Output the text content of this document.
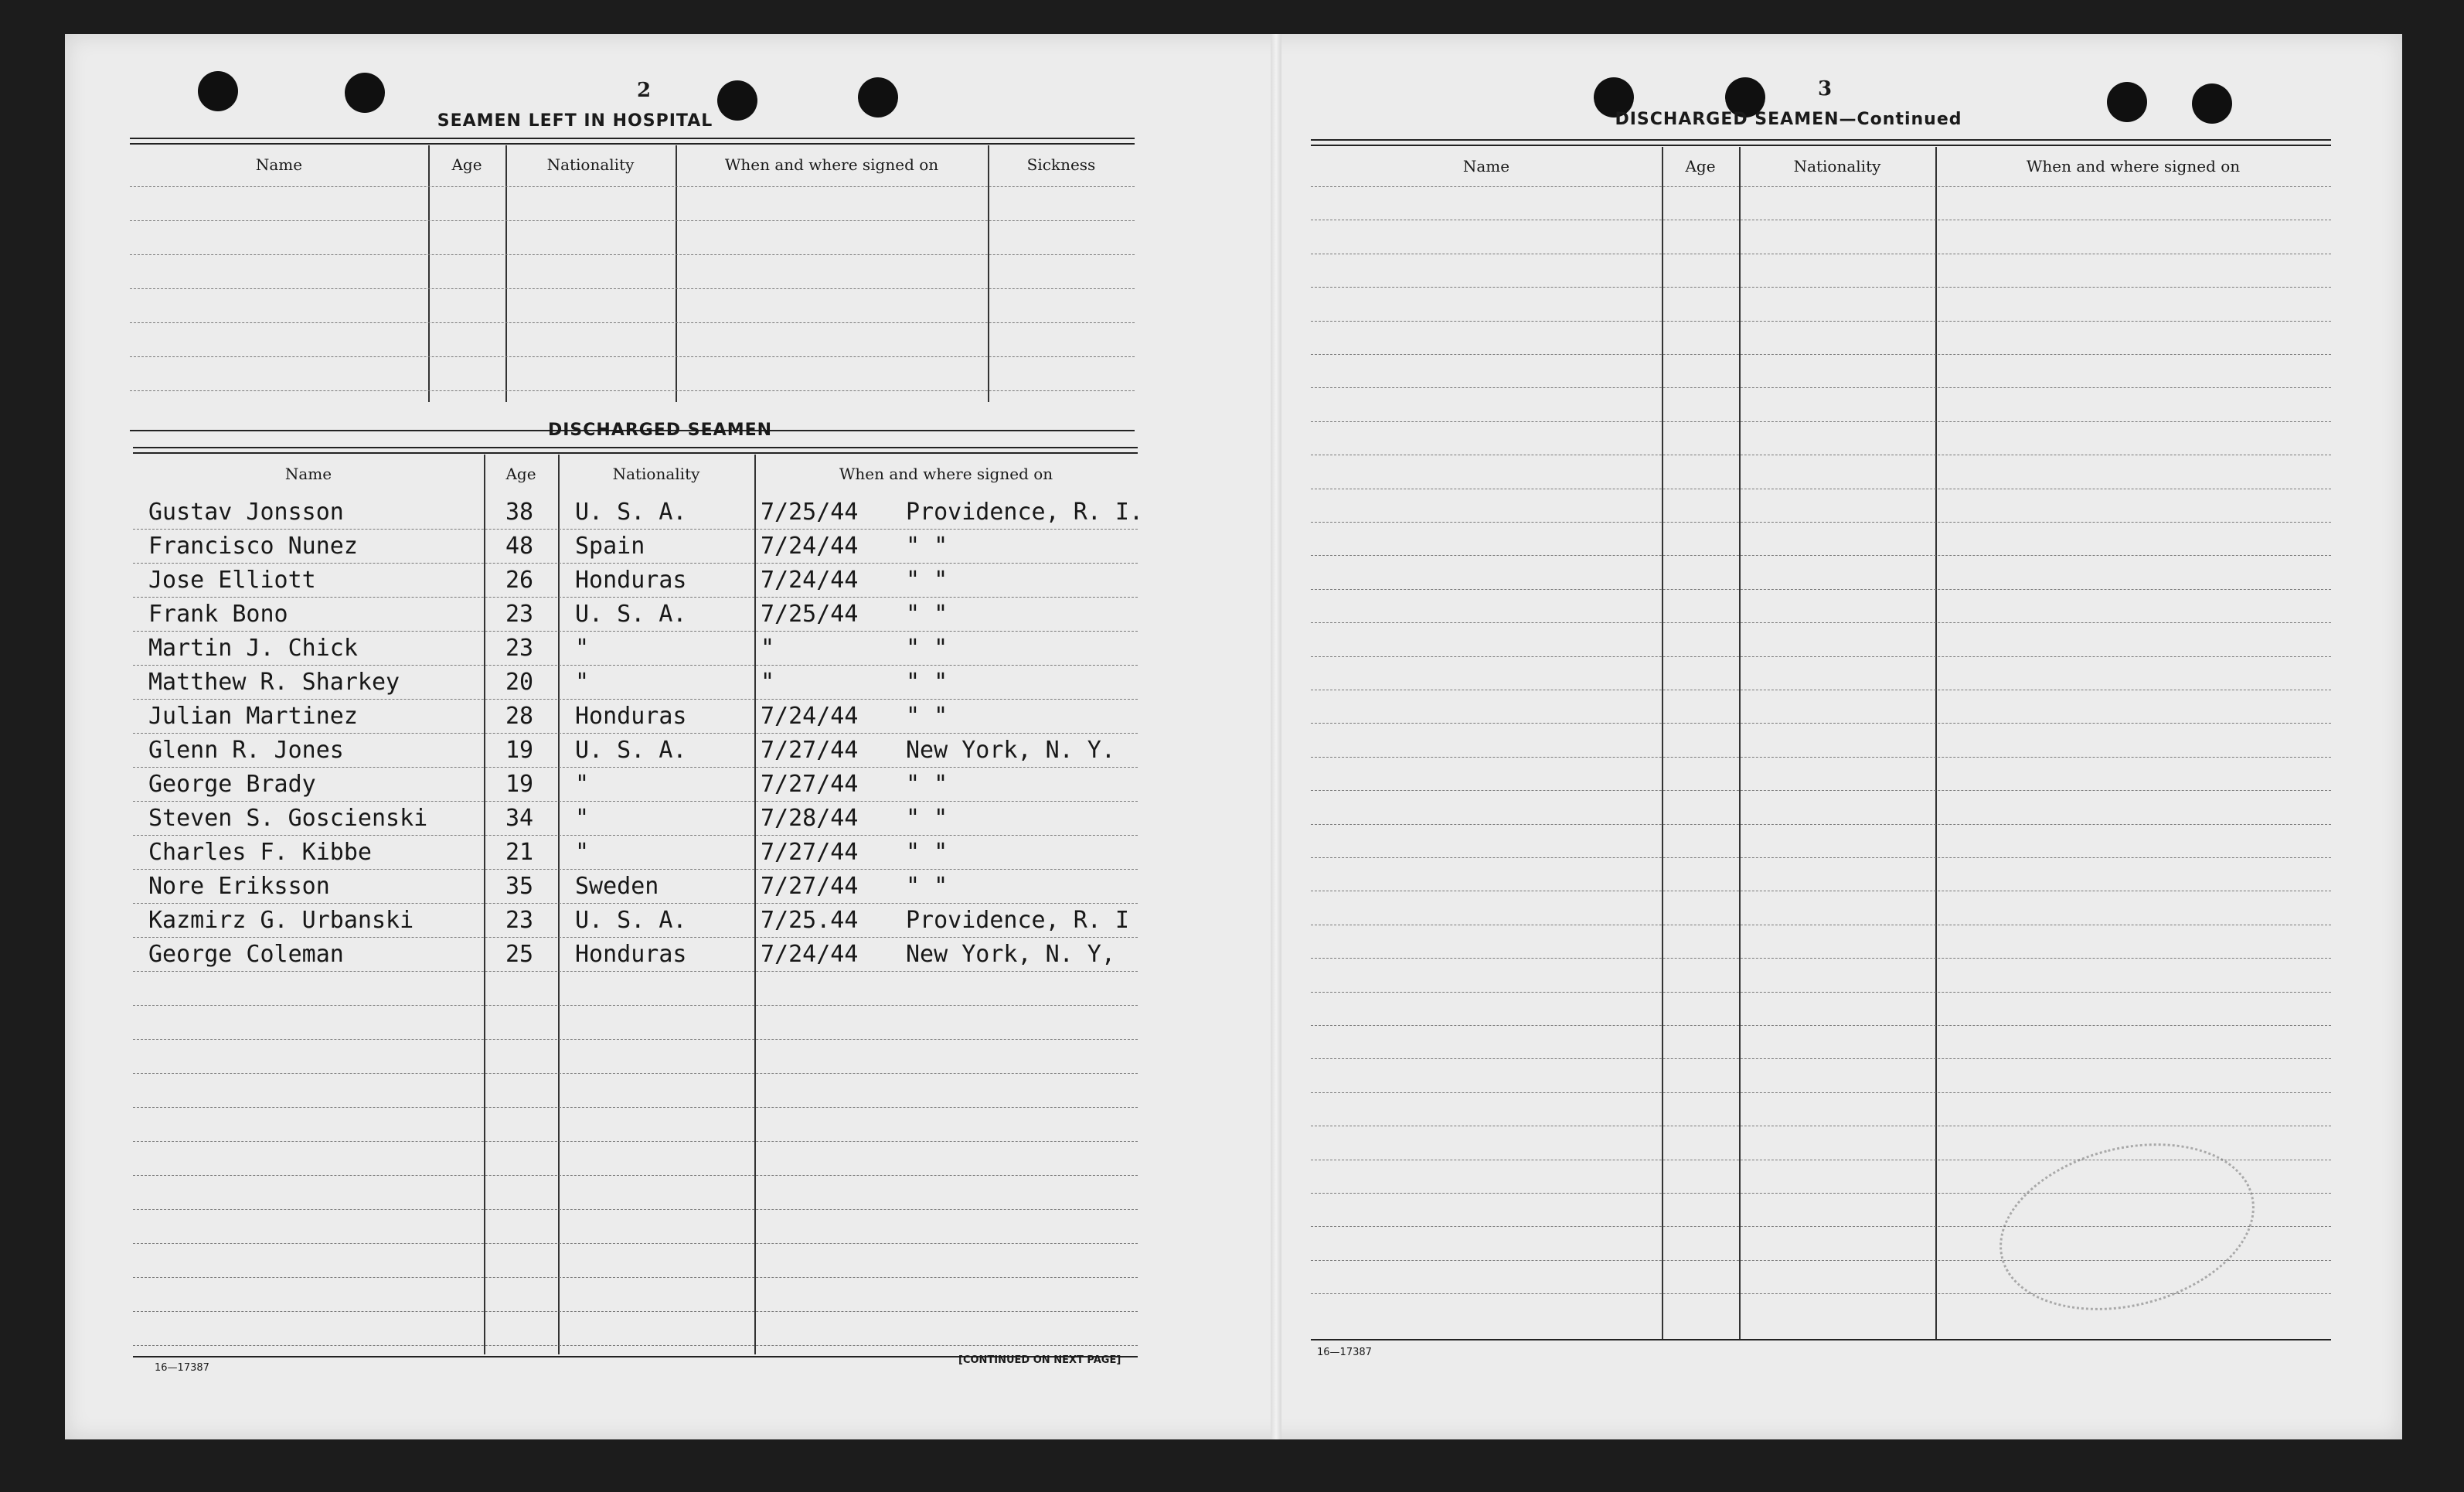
2
SEAMEN LEFT IN HOSPITAL
Name	Age	Nationality	When and where signed on	Sickness
DISCHARGED SEAMEN
Name	Age	Nationality	When and where signed on
Gustav Jonsson	38 U. S. A.	7/25/44 Providence, R. I.
Francisco Nunez	48 Spain	7/24/44 " "
Jose Elliott	26 Honduras	7/24/44 " "
Frank Bono	23 U. S. A.	7/25/44 " "
Martin J. Chick	23 "	"	" "
Matthew R. Sharkey	20 "	"	" "
Julian Martinez	28 Honduras	7/24/44 " "
Glenn R. Jones	19 U. S. A.	7/27/44 New York, N. Y.
George Brady	19 "	7/27/44 " "
Steven S. Goscienski	34 "	7/28/44 " "
Charles F. Kibbe	21 "	7/27/44 " "
Nore Eriksson	35 Sweden	7/27/44 " "
Kazmirz G. Urbanski	23 U. S. A.	7/25.44 Providence, R. I
George Coleman	25 Honduras	7/24/44 New York, N. Y,
16—17387
[CONTINUED ON NEXT PAGE]
3
DISCHARGED SEAMEN—Continued
Name	Age	Nationality	When and where signed on
16—17387
